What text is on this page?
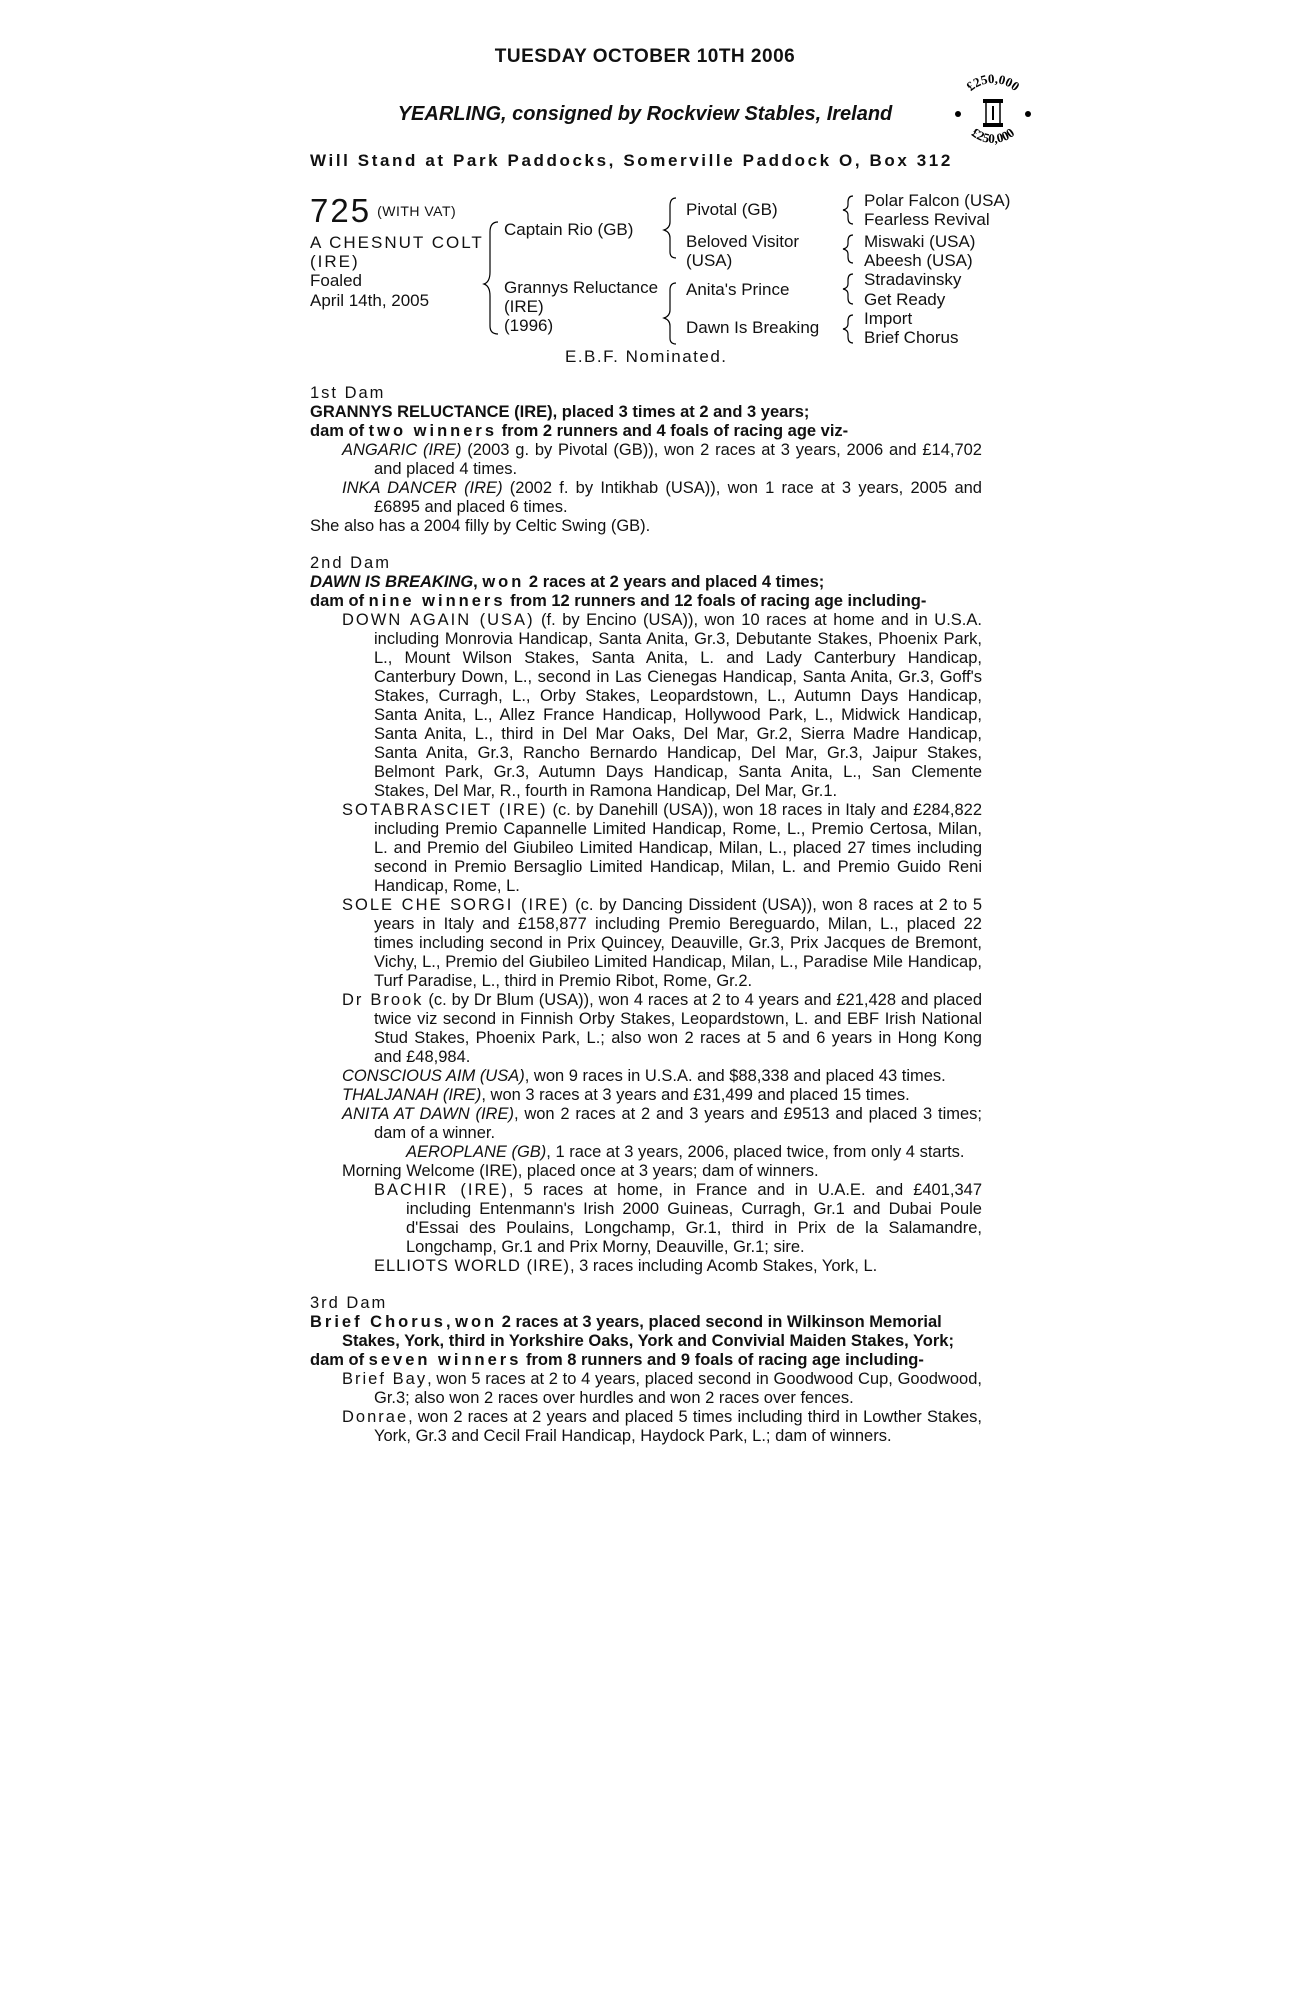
TUESDAY OCTOBER 10TH 2006
YEARLING, consigned by Rockview Stables, Ireland
£250,000
£250,000
Will Stand at Park Paddocks, Somerville Paddock O, Box 312
725 (WITH VAT)
A CHESNUT COLT
(IRE)
Foaled
April 14th, 2005
Captain Rio (GB)
Grannys Reluctance
(IRE)
(1996)
Pivotal (GB)
Beloved Visitor
(USA)
Anita's Prince
Dawn Is Breaking
Polar Falcon (USA)
Fearless Revival
Miswaki (USA)
Abeesh (USA)
Stradavinsky
Get Ready
Import
Brief Chorus
E.B.F. Nominated.

1st Dam

GRANNYS RELUCTANCE (IRE), placed 3 times at 2 and 3 years;

dam of two winners from 2 runners and 4 foals of racing age viz-

ANGARIC (IRE) (2003 g. by Pivotal (GB)), won 2 races at 3 years, 2006 and £14,702 and placed 4 times.

INKA DANCER (IRE) (2002 f. by Intikhab (USA)), won 1 race at 3 years, 2005 and £6895 and placed 6 times.

She also has a 2004 filly by Celtic Swing (GB).

2nd Dam

DAWN IS BREAKING, won 2 races at 2 years and placed 4 times;

dam of nine winners from 12 runners and 12 foals of racing age including-

DOWN AGAIN (USA) (f. by Encino (USA)), won 10 races at home and in U.S.A. including Monrovia Handicap, Santa Anita, Gr.3, Debutante Stakes, Phoenix Park, L., Mount Wilson Stakes, Santa Anita, L. and Lady Canterbury Handicap, Canterbury Down, L., second in Las Cienegas Handicap, Santa Anita, Gr.3, Goff's Stakes, Curragh, L., Orby Stakes, Leopardstown, L., Autumn Days Handicap, Santa Anita, L., Allez France Handicap, Hollywood Park, L., Midwick Handicap, Santa Anita, L., third in Del Mar Oaks, Del Mar, Gr.2, Sierra Madre Handicap, Santa Anita, Gr.3, Rancho Bernardo Handicap, Del Mar, Gr.3, Jaipur Stakes, Belmont Park, Gr.3, Autumn Days Handicap, Santa Anita, L., San Clemente Stakes, Del Mar, R., fourth in Ramona Handicap, Del Mar, Gr.1.

SOTABRASCIET (IRE) (c. by Danehill (USA)), won 18 races in Italy and £284,822 including Premio Capannelle Limited Handicap, Rome, L., Premio Certosa, Milan, L. and Premio del Giubileo Limited Handicap, Milan, L., placed 27 times including second in Premio Bersaglio Limited Handicap, Milan, L. and Premio Guido Reni Handicap, Rome, L.

SOLE CHE SORGI (IRE) (c. by Dancing Dissident (USA)), won 8 races at 2 to 5 years in Italy and £158,877 including Premio Bereguardo, Milan, L., placed 22 times including second in Prix Quincey, Deauville, Gr.3, Prix Jacques de Bremont, Vichy, L., Premio del Giubileo Limited Handicap, Milan, L., Paradise Mile Handicap, Turf Paradise, L., third in Premio Ribot, Rome, Gr.2.

Dr Brook (c. by Dr Blum (USA)), won 4 races at 2 to 4 years and £21,428 and placed twice viz second in Finnish Orby Stakes, Leopardstown, L. and EBF Irish National Stud Stakes, Phoenix Park, L.; also won 2 races at 5 and 6 years in Hong Kong and £48,984.

CONSCIOUS AIM (USA), won 9 races in U.S.A. and $88,338 and placed 43 times.

THALJANAH (IRE), won 3 races at 3 years and £31,499 and placed 15 times.

ANITA AT DAWN (IRE), won 2 races at 2 and 3 years and £9513 and placed 3 times; dam of a winner.

AEROPLANE (GB), 1 race at 3 years, 2006, placed twice, from only 4 starts.

Morning Welcome (IRE), placed once at 3 years; dam of winners.

BACHIR (IRE), 5 races at home, in France and in U.A.E. and £401,347 including Entenmann's Irish 2000 Guineas, Curragh, Gr.1 and Dubai Poule d'Essai des Poulains, Longchamp, Gr.1, third in Prix de la Salamandre, Longchamp, Gr.1 and Prix Morny, Deauville, Gr.1; sire.

ELLIOTS WORLD (IRE), 3 races including Acomb Stakes, York, L.

3rd Dam

Brief Chorus, won 2 races at 3 years, placed second in Wilkinson Memorial Stakes, York, third in Yorkshire Oaks, York and Convivial Maiden Stakes, York;

dam of seven winners from 8 runners and 9 foals of racing age including-

Brief Bay, won 5 races at 2 to 4 years, placed second in Goodwood Cup, Goodwood, Gr.3; also won 2 races over hurdles and won 2 races over fences.

Donrae, won 2 races at 2 years and placed 5 times including third in Lowther Stakes, York, Gr.3 and Cecil Frail Handicap, Haydock Park, L.; dam of winners.
